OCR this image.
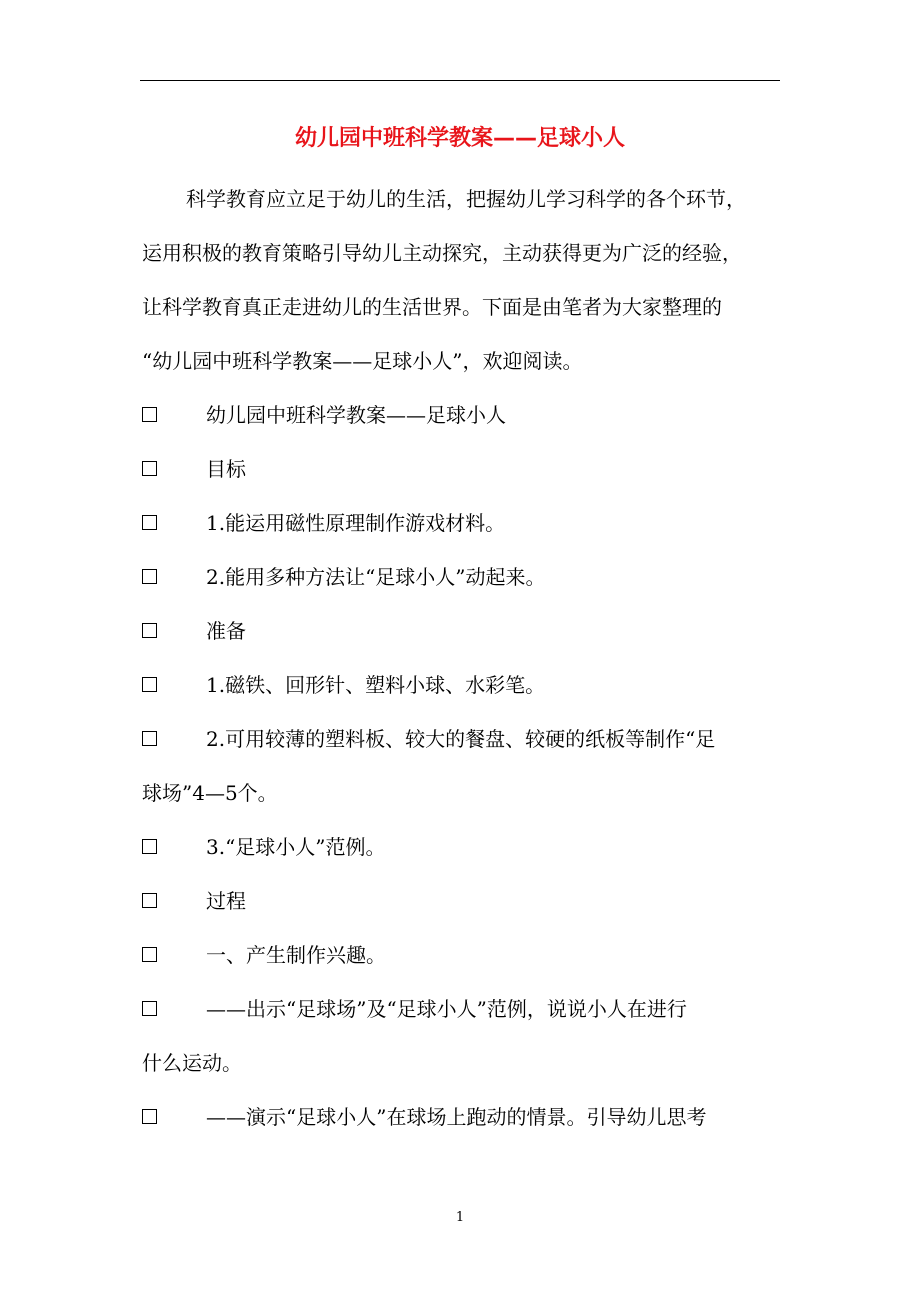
幼儿园中班科学教案——足球小人
科学教育应立足于幼儿的生活，把握幼儿学习科学的各个环节，
运用积极的教育策略引导幼儿主动探究，主动获得更为广泛的经验，
让科学教育真正走进幼儿的生活世界。下面是由笔者为大家整理的
“幼儿园中班科学教案——足球小人”，欢迎阅读。
幼儿园中班科学教案——足球小人
目标
1.能运用磁性原理制作游戏材料。
2.能用多种方法让“足球小人”动起来。
准备
1.磁铁、回形针、塑料小球、水彩笔。
2.可用较薄的塑料板、较大的餐盘、较硬的纸板等制作“足
球场”4—5个。
3.“足球小人”范例。
过程
一、产生制作兴趣。
——出示“足球场”及“足球小人”范例，说说小人在进行
什么运动。
——演示“足球小人”在球场上跑动的情景。引导幼儿思考
1
